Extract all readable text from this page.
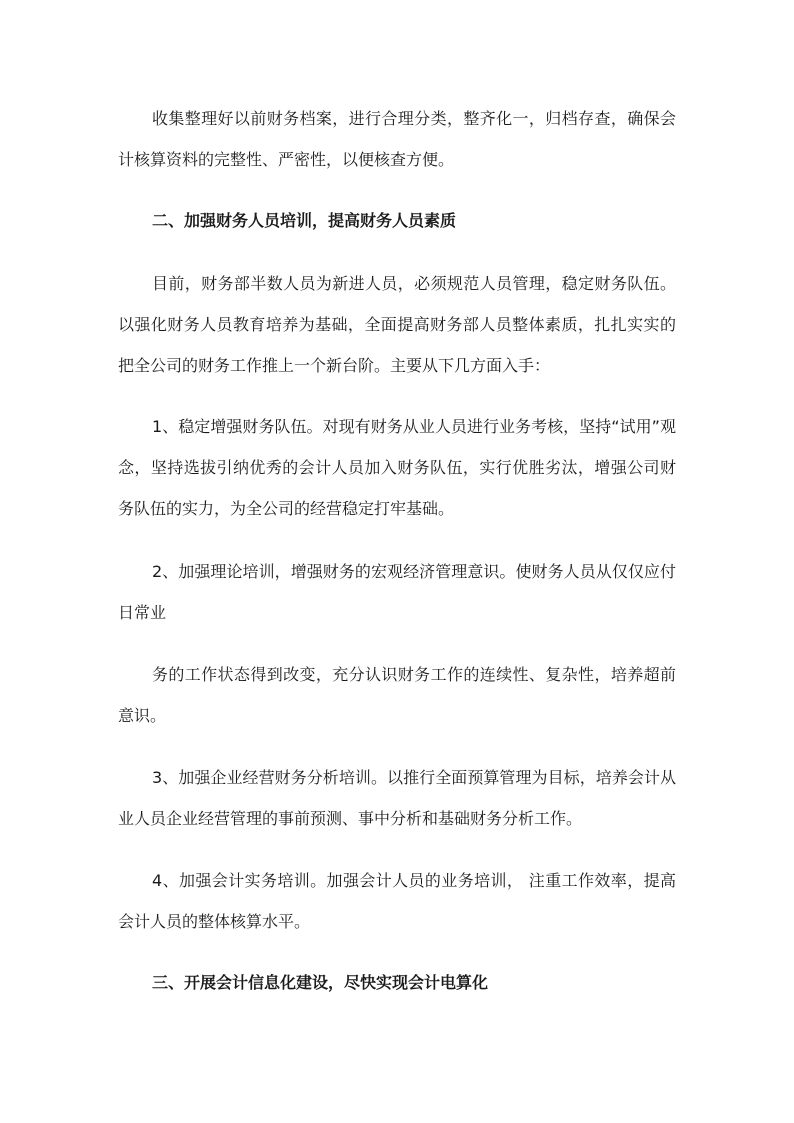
收集整理好以前财务档案，进行合理分类，整齐化一，归档存查，确保会计核算资料的完整性、严密性，以便核查方便。

二、加强财务人员培训，提高财务人员素质

目前，财务部半数人员为新进人员，必须规范人员管理，稳定财务队伍。以强化财务人员教育培养为基础，全面提高财务部人员整体素质，扎扎实实的把全公司的财务工作推上一个新台阶。主要从下几方面入手：

1、稳定增强财务队伍。对现有财务从业人员进行业务考核，坚持“试用”观念，坚持选拔引纳优秀的会计人员加入财务队伍，实行优胜劣汰，增强公司财务队伍的实力，为全公司的经营稳定打牢基础。

2、加强理论培训，增强财务的宏观经济管理意识。使财务人员从仅仅应付日常业

务的工作状态得到改变，充分认识财务工作的连续性、复杂性，培养超前意识。

3、加强企业经营财务分析培训。以推行全面预算管理为目标，培养会计从业人员企业经营管理的事前预测、事中分析和基础财务分析工作。

4、加强会计实务培训。加强会计人员的业务培训， 注重工作效率，提高会计人员的整体核算水平。

三、开展会计信息化建设，尽快实现会计电算化
